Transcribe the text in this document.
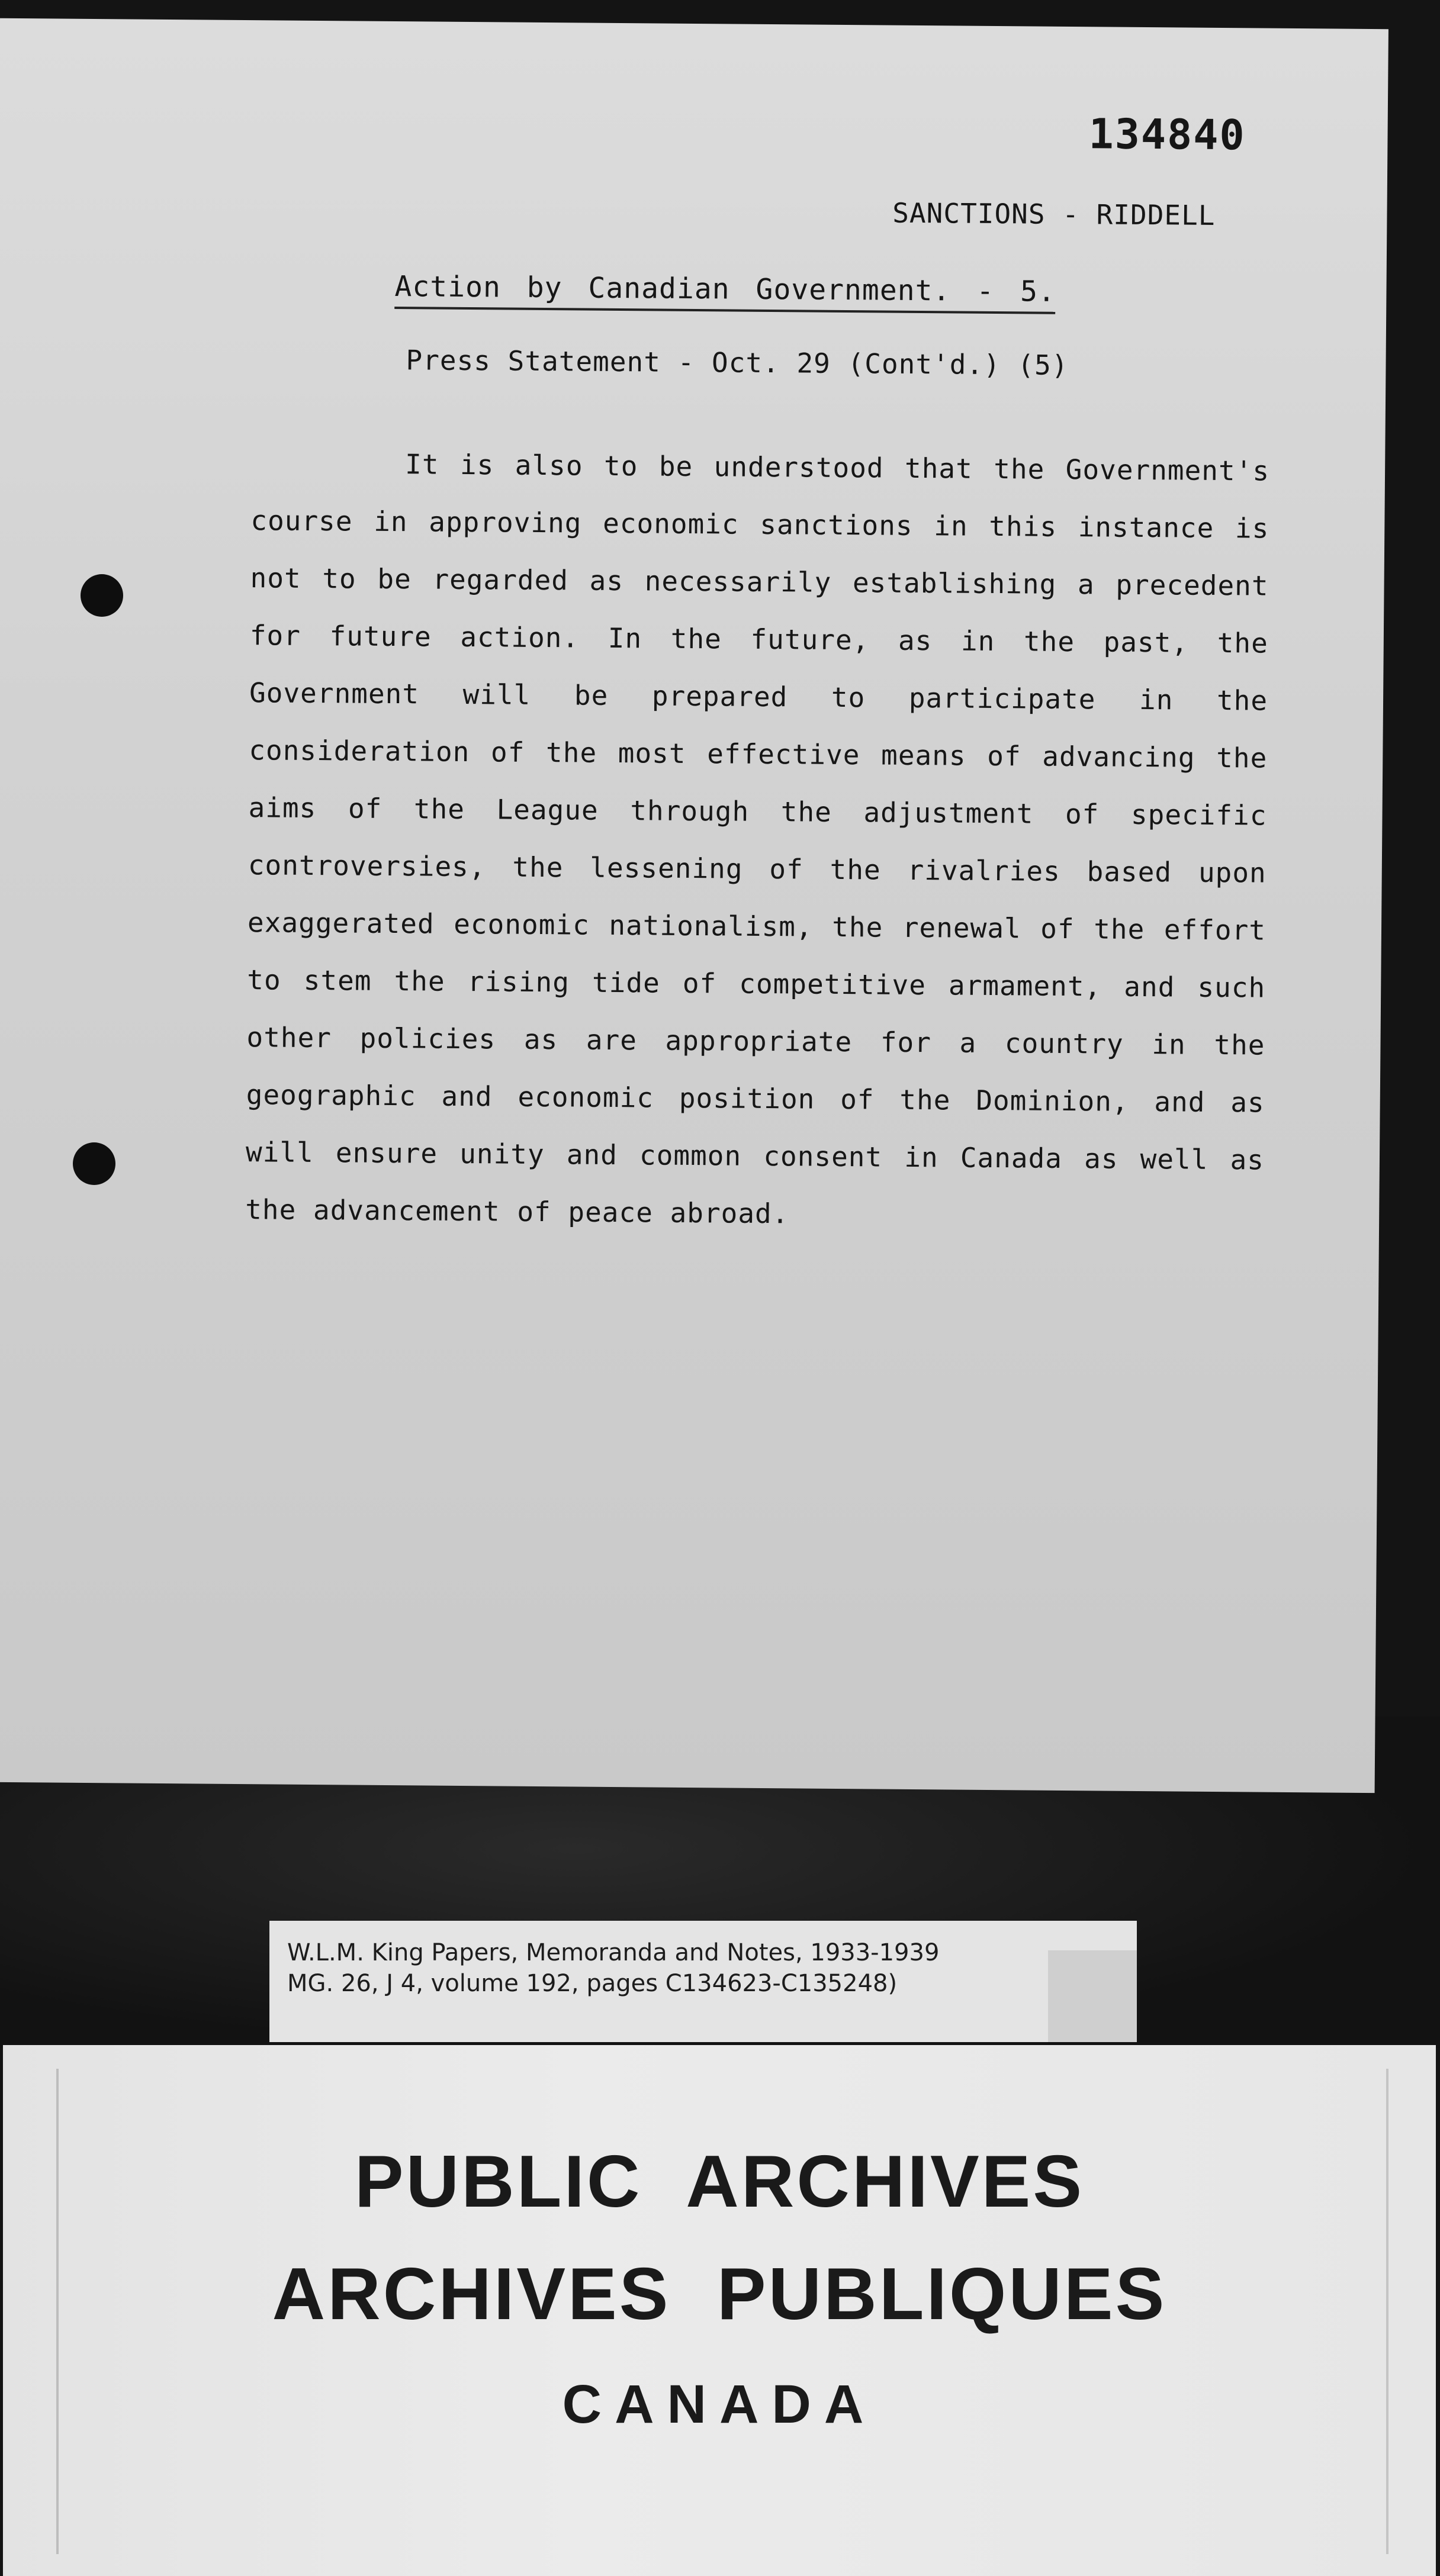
134840
SANCTIONS - RIDDELL
Action by Canadian Government. - 5.
Press Statement - Oct. 29 (Cont'd.) (5)
It is also to be understood that the Government's course in approving economic sanctions in this instance is not to be regarded as necessarily establishing a precedent for future action. In the future, as in the past, the Government will be prepared to participate in the consideration of the most effective means of advancing the aims of the League through the adjustment of specific controversies, the lessening of the rivalries based upon exaggerated economic nationalism, the renewal of the effort to stem the rising tide of competitive armament, and such other policies as are appropriate for a country in the geographic and economic position of the Dominion, and as will ensure unity and common consent in Canada as well as the advancement of peace abroad.
W.L.M. King Papers, Memoranda and Notes, 1933-1939
MG. 26, J 4, volume 192, pages C134623-C135248)
PUBLIC ARCHIVES
ARCHIVES PUBLIQUES
CANADA
